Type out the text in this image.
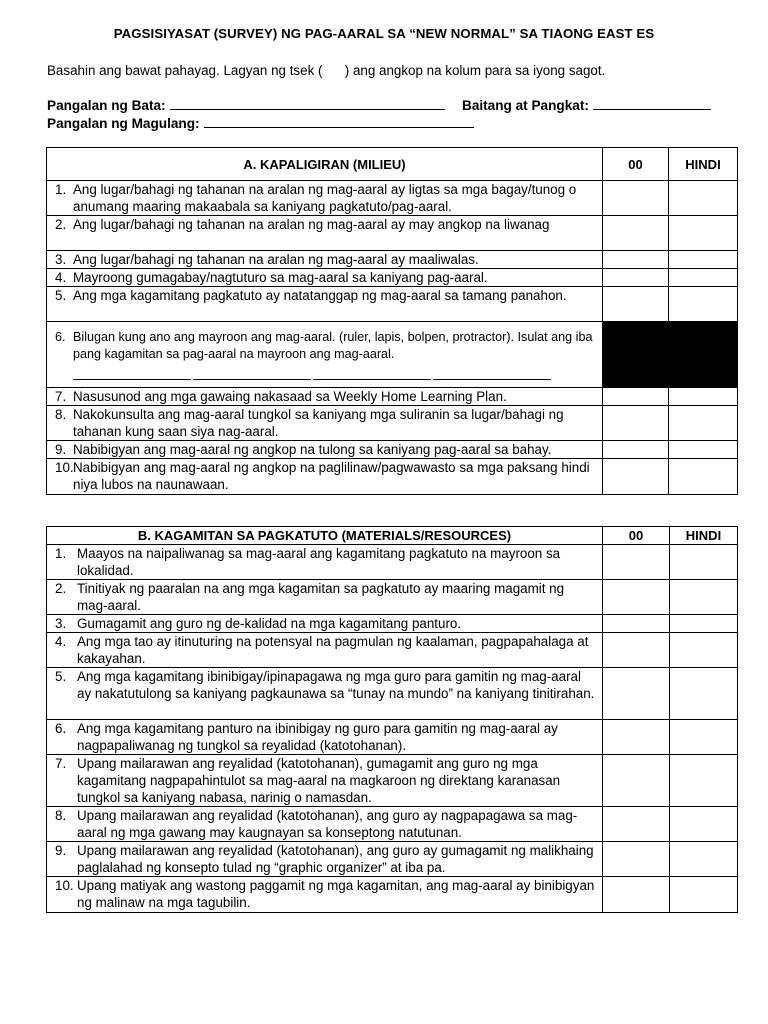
PAGSISIYASAT (SURVEY) NG PAG-AARAL SA “NEW NORMAL” SA TIAONG EAST ES
Basahin ang bawat pahayag. Lagyan ng tsek (      ) ang angkop na kolum para sa iyong sagot.
Pangalan ng Bata:	Baitang at Pangkat:
Pangalan ng Magulang:
A. KAPALIGIRAN (MILIEU)	00	HINDI

1. Ang lugar/bahagi ng tahanan na aralan ng mag-aaral ay ligtas sa mga bagay/tunog o anumang maaring makaabala sa kaniyang pagkatuto/pag-aaral.		

2. Ang lugar/bahagi ng tahanan na aralan ng mag-aaral ay may angkop na liwanag		

3. Ang lugar/bahagi ng tahanan na aralan ng mag-aaral ay maaliwalas.		

4. Mayroong gumagabay/nagtuturo sa mag-aaral sa kaniyang pag-aaral.		

5. Ang mga kagamitang pagkatuto ay natatanggap ng mag-aaral sa tamang panahon.		

6. Bilugan kung ano ang mayroon ang mag-aaral. (ruler, lapis, bolpen, protractor). Isulat ang iba pang kagamitan sa pag-aaral na mayroon ang mag-aaral.		

7. Nasusunod ang mga gawaing nakasaad sa Weekly Home Learning Plan.		

8. Nakokunsulta ang mag-aaral tungkol sa kaniyang mga suliranin sa lugar/bahagi ng tahanan kung saan siya nag-aaral.		

9. Nabibigyan ang mag-aaral ng angkop na tulong sa kaniyang pag-aaral sa bahay.		

10. Nabibigyan ang mag-aaral ng angkop na paglilinaw/pagwawasto sa mga paksang hindi niya lubos na naunawaan.		

B. KAGAMITAN SA PAGKATUTO (MATERIALS/RESOURCES)	00	HINDI

1. Maayos na naipaliwanag sa mag-aaral ang kagamitang pagkatuto na mayroon sa lokalidad.		

2. Tinitiyak ng paaralan na ang mga kagamitan sa pagkatuto ay maaring magamit ng mag-aaral.		

3. Gumagamit ang guro ng de-kalidad na mga kagamitang panturo.		

4. Ang mga tao ay itinuturing na potensyal na pagmulan ng kaalaman, pagpapahalaga at kakayahan.		

5. Ang mga kagamitang ibinibigay/ipinapagawa ng mga guro para gamitin ng mag-aaral ay nakatutulong sa kaniyang pagkaunawa sa “tunay na mundo” na kaniyang tinitirahan.		

6. Ang mga kagamitang panturo na ibinibigay ng guro para gamitin ng mag-aaral ay nagpapaliwanag ng tungkol sa reyalidad (katotohanan).		

7. Upang mailarawan ang reyalidad (katotohanan), gumagamit ang guro ng mga kagamitang nagpapahintulot sa mag-aaral na magkaroon ng direktang karanasan tungkol sa kaniyang nabasa, narinig o namasdan.		

8. Upang mailarawan ang reyalidad (katotohanan), ang guro ay nagpapagawa sa mag-aaral ng mga gawang may kaugnayan sa konseptong natutunan.		

9. Upang mailarawan ang reyalidad (katotohanan), ang guro ay gumagamit ng malikhaing paglalahad ng konsepto tulad ng “graphic organizer” at iba pa.		

10. Upang matiyak ang wastong paggamit ng mga kagamitan, ang mag-aaral ay binibigyan ng malinaw na mga tagubilin.		
